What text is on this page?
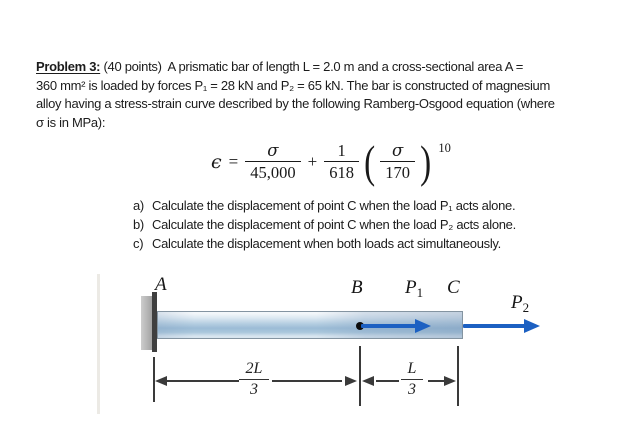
Problem 3: (40 points)  A prismatic bar of length L = 2.0 m and a cross-sectional area A =
360 mm² is loaded by forces P₁ = 28 kN and P₂ = 65 kN. The bar is constructed of magnesium
alloy having a stress-strain curve described by the following Ramberg-Osgood equation (where
σ is in MPa):
$\epsilon = \frac{\sigma}{45,000} + \frac{1}{618}$ ( $\frac{\sigma}{170}$ ) 10
a) Calculate the displacement of point C when the load P₁ acts alone.
b) Calculate the displacement of point C when the load P₂ acts alone.
c) Calculate the displacement when both loads act simultaneously.
A	B $P_1$ C
$P_2$
$\frac{2L}{3}$	$\frac{L}{3}$
